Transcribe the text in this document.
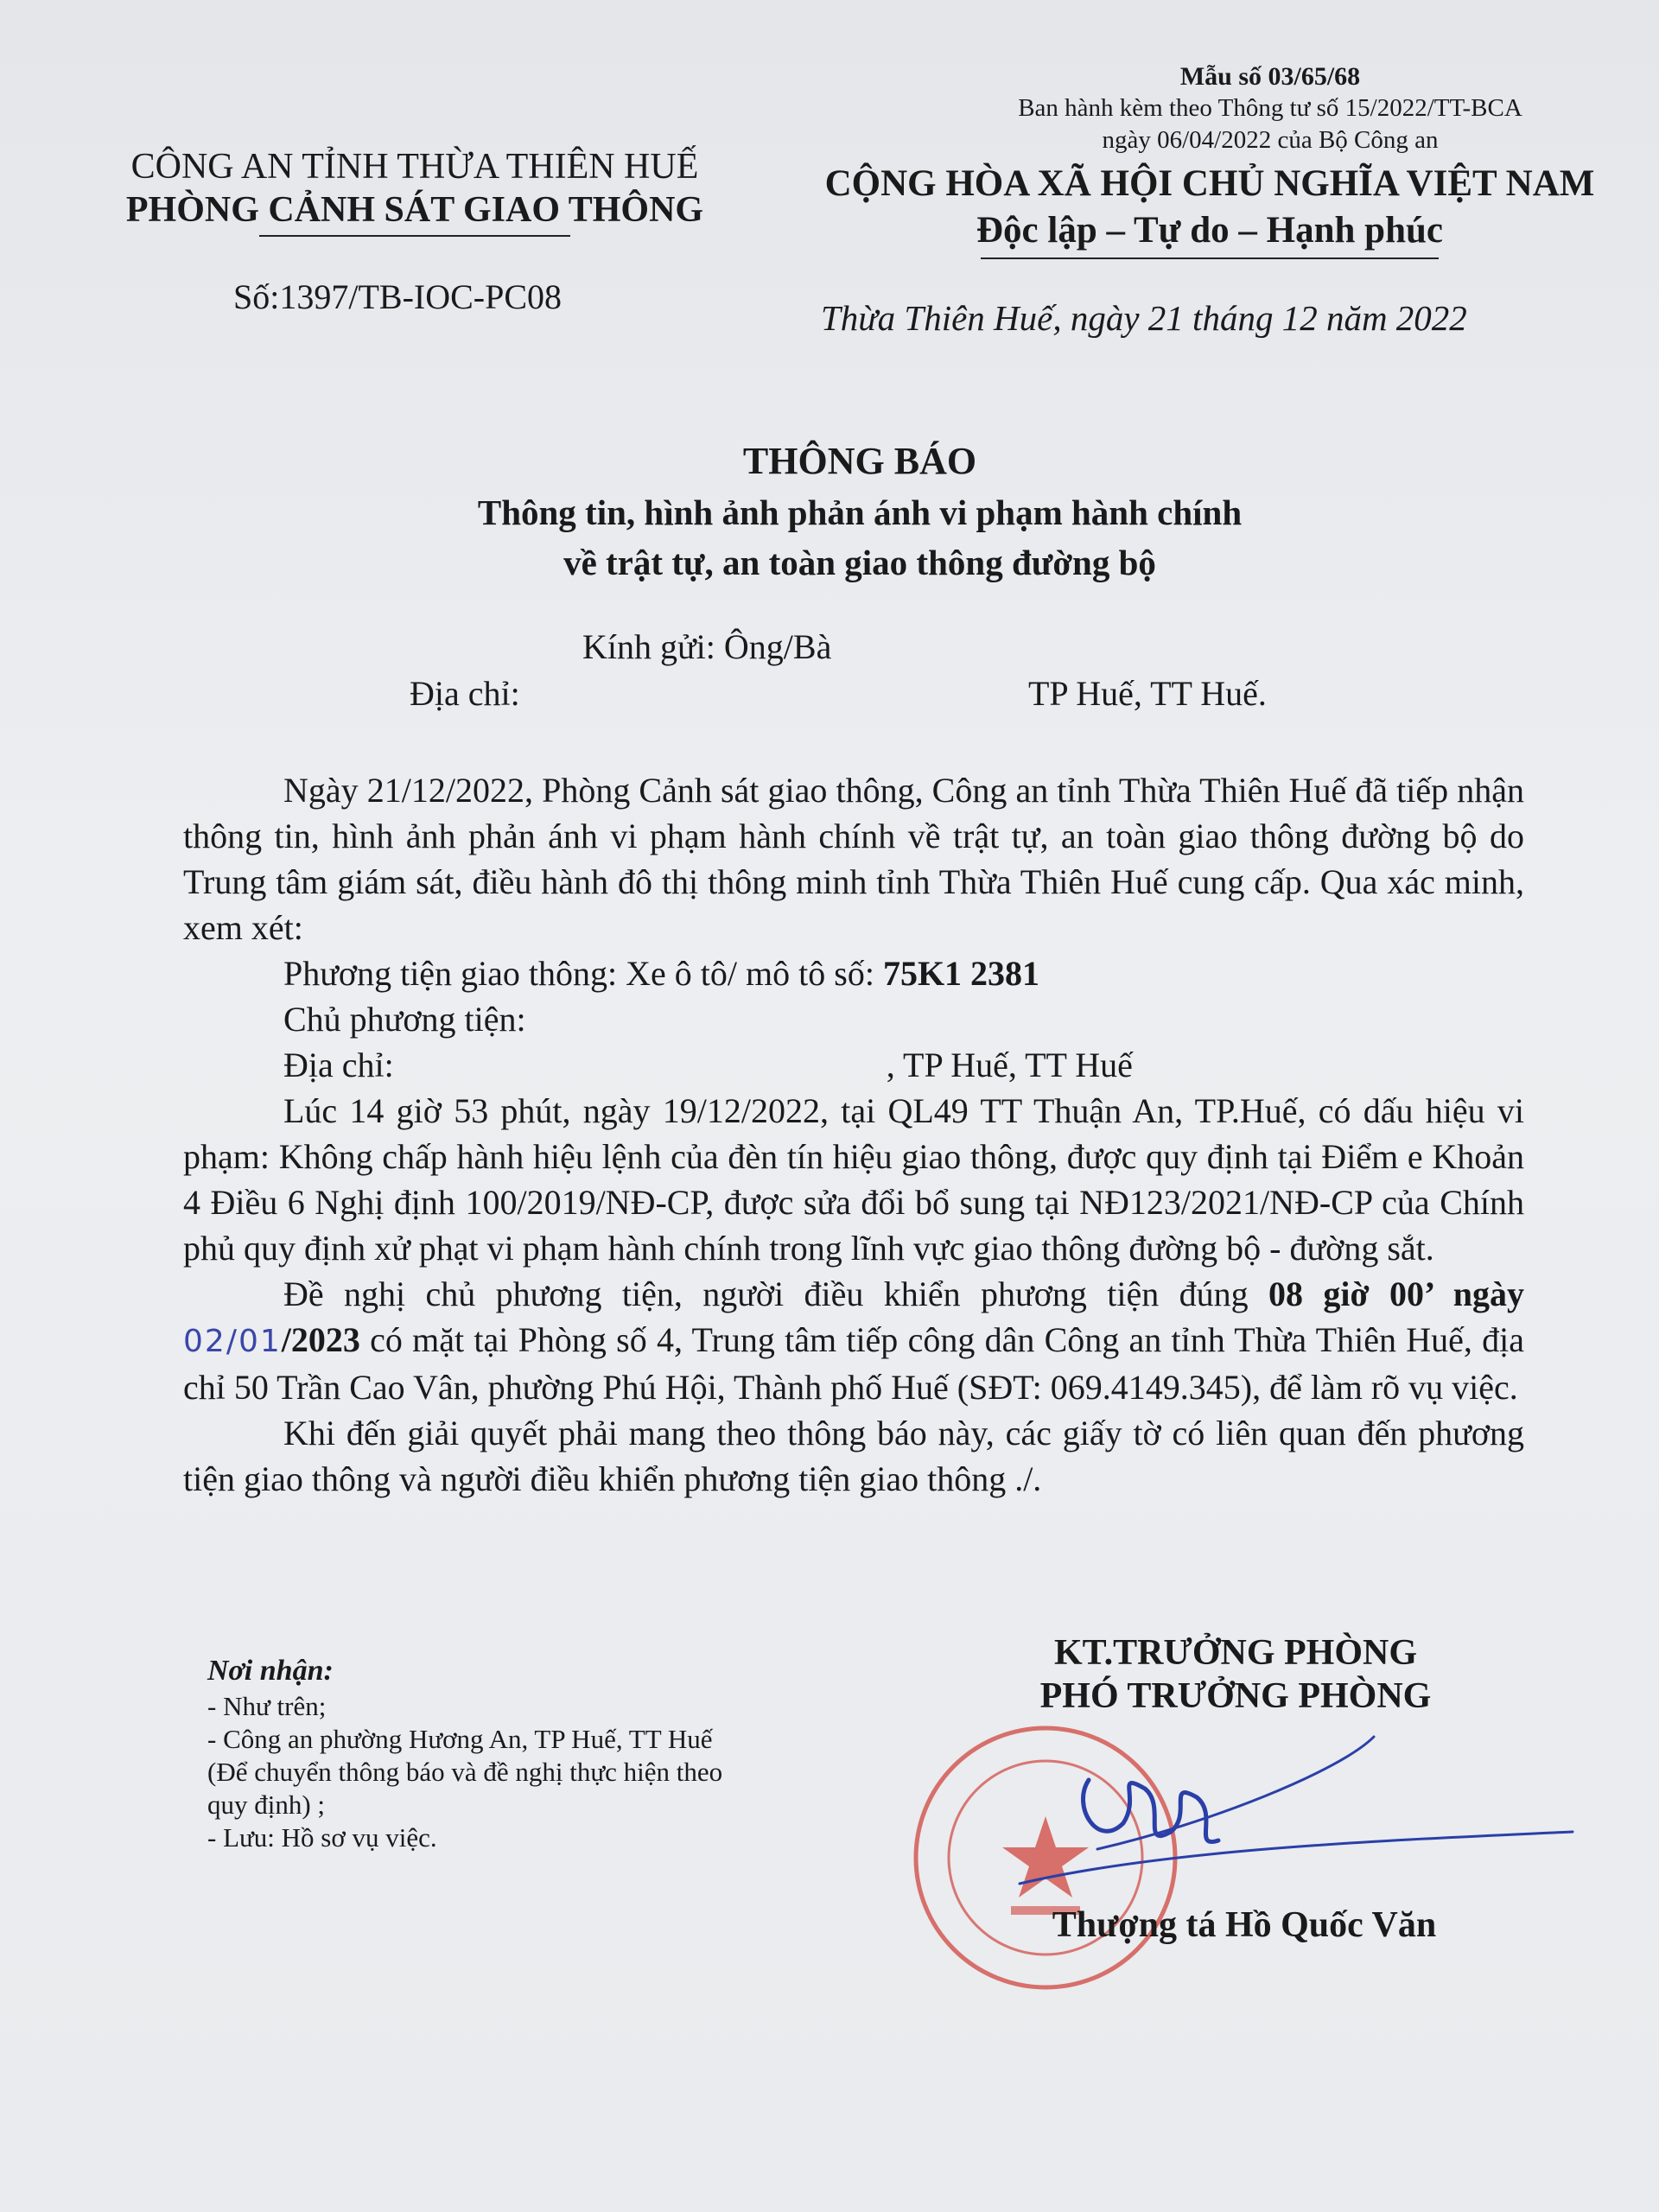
Mẫu số 03/65/68
Ban hành kèm theo Thông tư số 15/2022/TT-BCA
ngày 06/04/2022 của Bộ Công an
CÔNG AN TỈNH THỪA THIÊN HUẾ
PHÒNG CẢNH SÁT GIAO THÔNG
Số:1397/TB-IOC-PC08
CỘNG HÒA XÃ HỘI CHỦ NGHĨA VIỆT NAM
Độc lập – Tự do – Hạnh phúc
Thừa Thiên Huế, ngày 21 tháng 12 năm 2022
THÔNG BÁO
Thông tin, hình ảnh phản ánh vi phạm hành chính
về trật tự, an toàn giao thông đường bộ
Kính gửi: Ông/Bà
Địa chỉ:	TP Huế, TT Huế.

Ngày 21/12/2022, Phòng Cảnh sát giao thông, Công an tỉnh Thừa Thiên Huế đã tiếp nhận thông tin, hình ảnh phản ánh vi phạm hành chính về trật tự, an toàn giao thông đường bộ do Trung tâm giám sát, điều hành đô thị thông minh tỉnh Thừa Thiên Huế cung cấp. Qua xác minh, xem xét:

Phương tiện giao thông: Xe ô tô/ mô tô số: 75K1 2381

Chủ phương tiện:

Địa chỉ:	, TP Huế, TT Huế

Lúc 14 giờ 53 phút, ngày 19/12/2022, tại QL49 TT Thuận An, TP.Huế, có dấu hiệu vi phạm: Không chấp hành hiệu lệnh của đèn tín hiệu giao thông, được quy định tại Điểm e Khoản 4 Điều 6 Nghị định 100/2019/NĐ-CP, được sửa đổi bổ sung tại NĐ123/2021/NĐ-CP của Chính phủ quy định xử phạt vi phạm hành chính trong lĩnh vực giao thông đường bộ - đường sắt.

Đề nghị chủ phương tiện, người điều khiển phương tiện đúng 08 giờ 00’ ngày 02/01/2023 có mặt tại Phòng số 4, Trung tâm tiếp công dân Công an tỉnh Thừa Thiên Huế, địa chỉ 50 Trần Cao Vân, phường Phú Hội, Thành phố Huế (SĐT: 069.4149.345), để làm rõ vụ việc.

Khi đến giải quyết phải mang theo thông báo này, các giấy tờ có liên quan đến phương tiện giao thông và người điều khiển phương tiện giao thông ./.

Nơi nhận:
- Như trên;
- Công an phường Hương An, TP Huế, TT Huế
(Để chuyển thông báo và đề nghị thực hiện theo
quy định) ;
- Lưu: Hồ sơ vụ việc.
KT.TRƯỞNG PHÒNG
PHÓ TRƯỞNG PHÒNG
Thượng tá Hồ Quốc Văn
